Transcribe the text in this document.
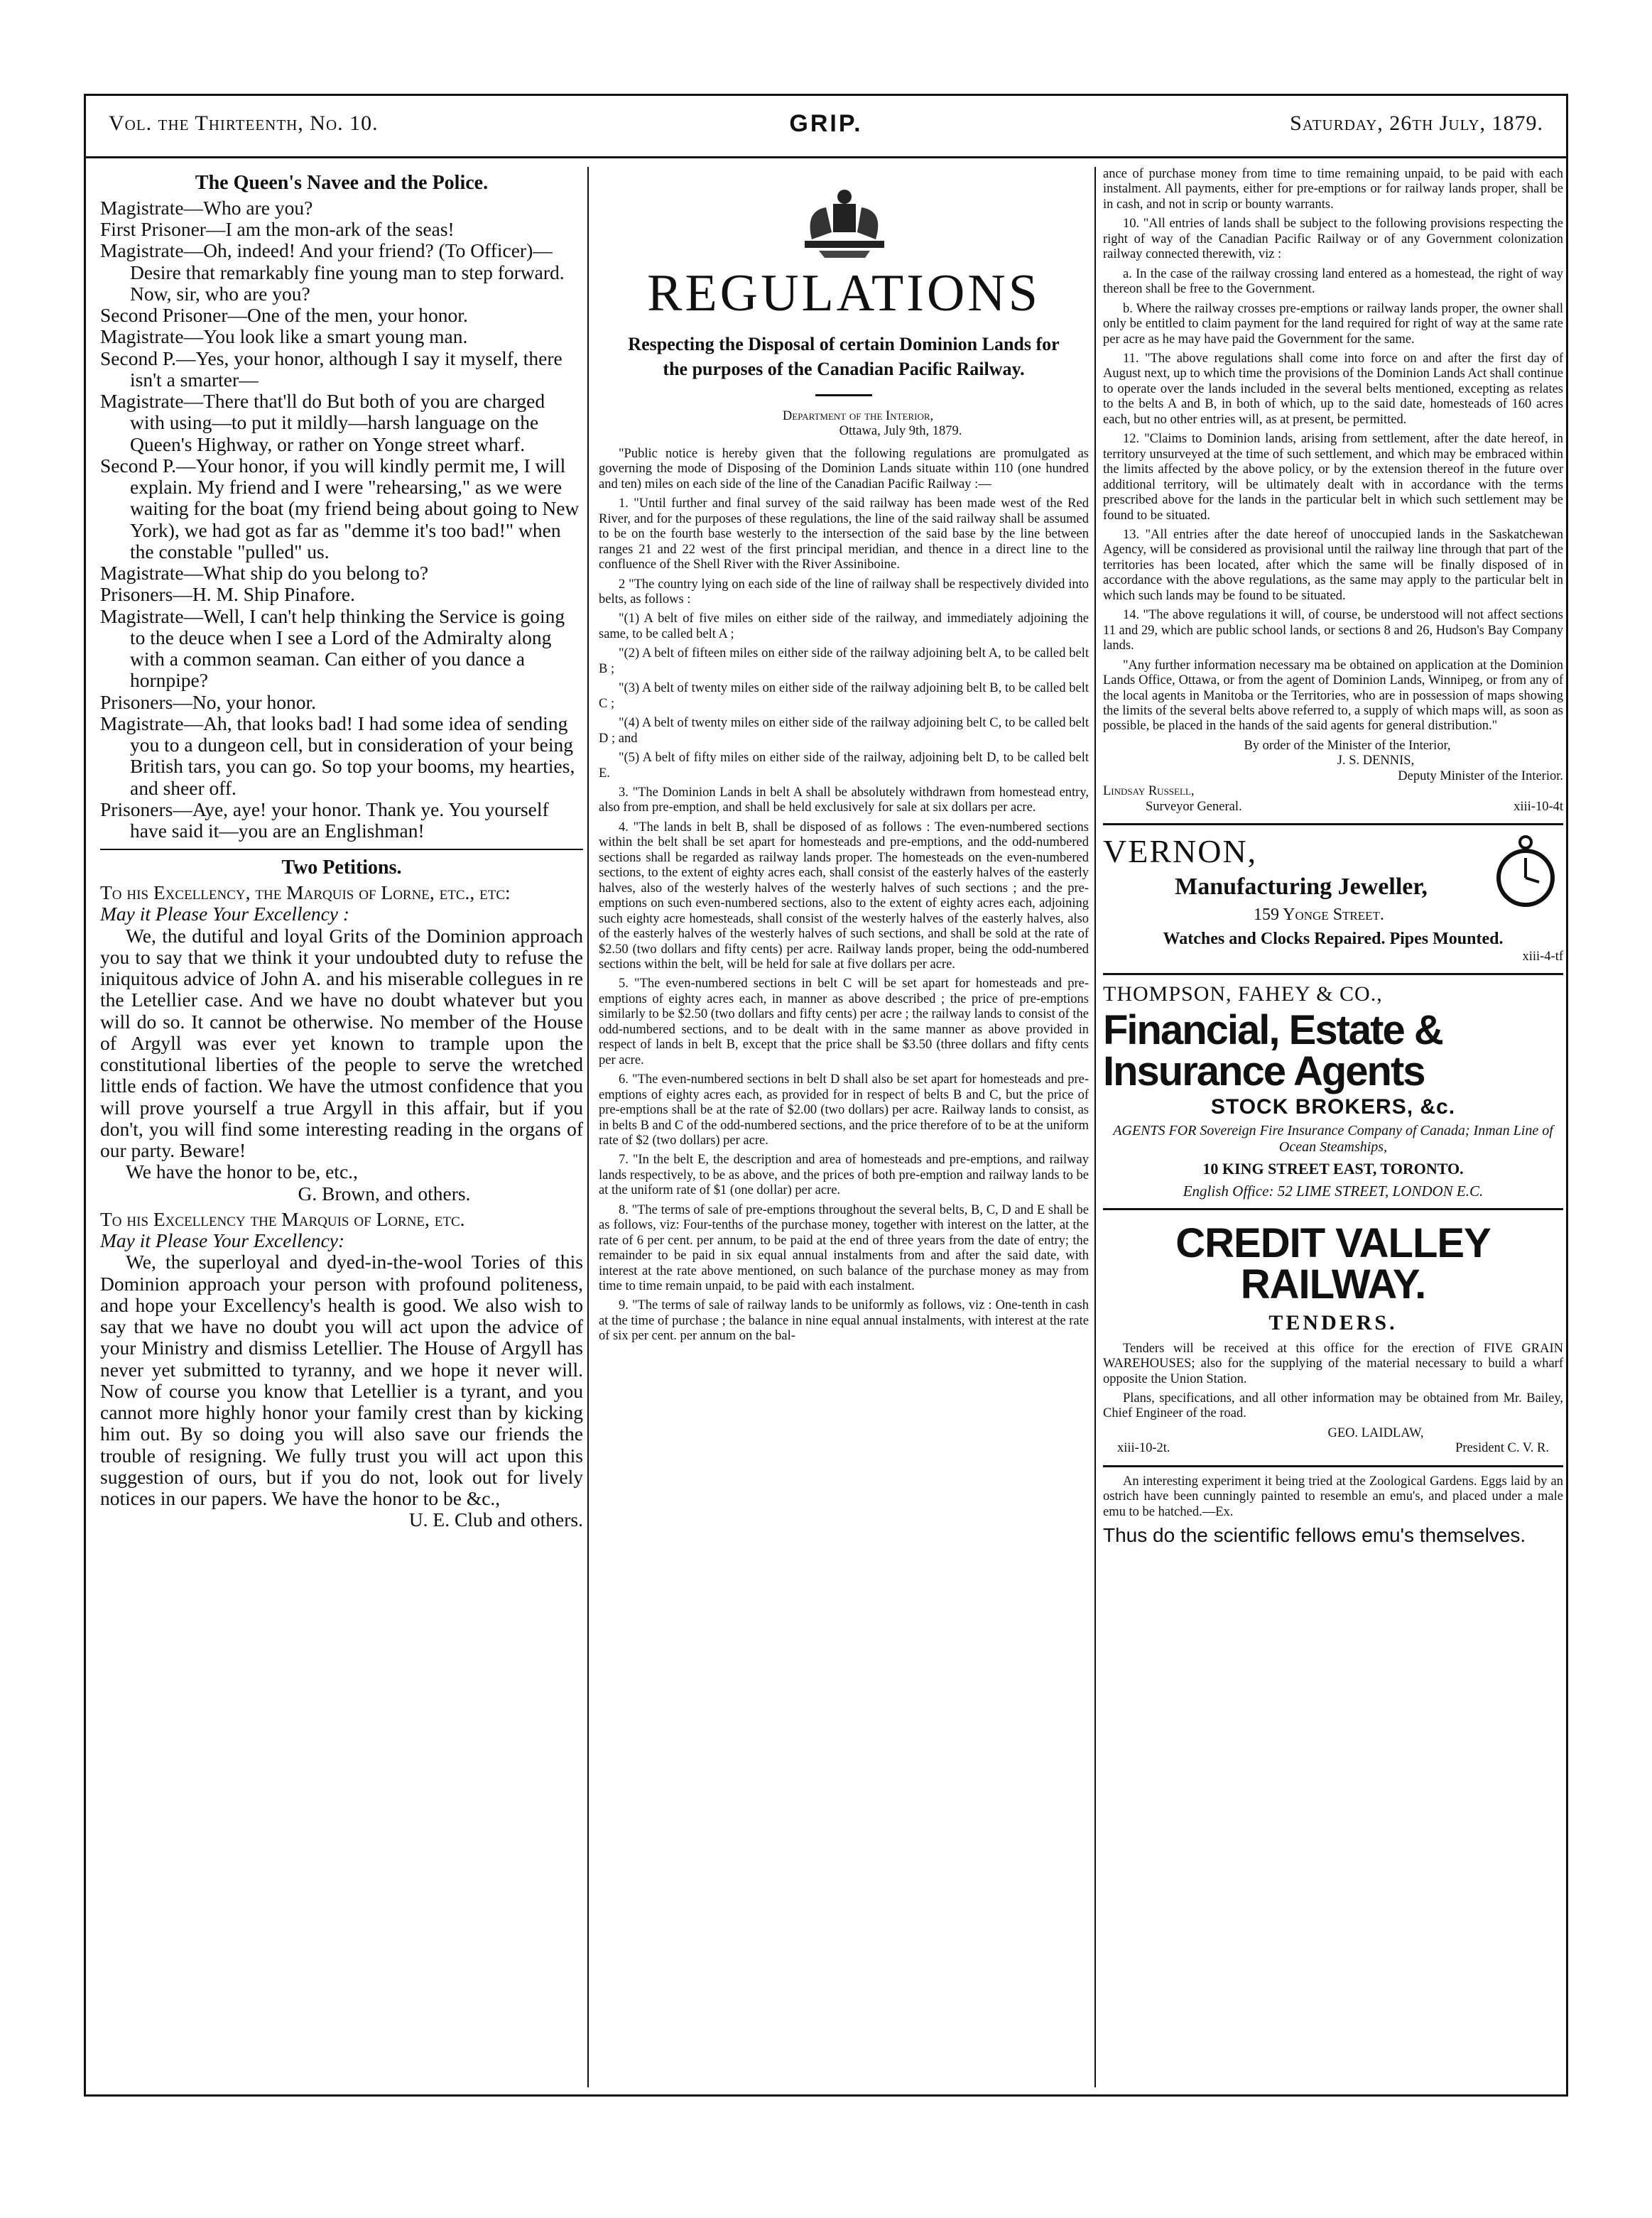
GRIP.
Vol. the Thirteenth, No. 10.	Saturday, 26th July, 1879.
The Queen's Navee and the Police.

Magistrate—Who are you?

First Prisoner—I am the mon-ark of the seas!

Magistrate—Oh, indeed! And your friend? (To Officer)—Desire that remarkably fine young man to step forward. Now, sir, who are you?

Second Prisoner—One of the men, your honor.

Magistrate—You look like a smart young man.

Second P.—Yes, your honor, although I say it myself, there isn't a smarter—

Magistrate—There that'll do But both of you are charged with using—to put it mildly—harsh language on the Queen's Highway, or rather on Yonge street wharf.

Second P.—Your honor, if you will kindly permit me, I will explain. My friend and I were "rehearsing," as we were waiting for the boat (my friend being about going to New York), we had got as far as "demme it's too bad!" when the constable "pulled" us.

Magistrate—What ship do you belong to?

Prisoners—H. M. Ship Pinafore.

Magistrate—Well, I can't help thinking the Service is going to the deuce when I see a Lord of the Admiralty along with a common seaman. Can either of you dance a hornpipe?

Prisoners—No, your honor.

Magistrate—Ah, that looks bad! I had some idea of sending you to a dungeon cell, but in consideration of your being British tars, you can go. So top your booms, my hearties, and sheer off.

Prisoners—Aye, aye! your honor. Thank ye. You yourself have said it—you are an Englishman!

Two Petitions.

To his Excellency, the Marquis of Lorne, etc., etc:

May it Please Your Excellency :

We, the dutiful and loyal Grits of the Dominion approach you to say that we think it your undoubted duty to refuse the iniquitous advice of John A. and his miserable collegues in re the Letellier case. And we have no doubt whatever but you will do so. It cannot be otherwise. No member of the House of Argyll was ever yet known to trample upon the constitutional liberties of the people to serve the wretched little ends of faction. We have the utmost confidence that you will prove yourself a true Argyll in this affair, but if you don't, you will find some interesting reading in the organs of our party. Beware!

We have the honor to be, etc.,

G. Brown, and others.

To his Excellency the Marquis of Lorne, etc.

May it Please Your Excellency:

We, the superloyal and dyed-in-the-wool Tories of this Dominion approach your person with profound politeness, and hope your Excellency's health is good. We also wish to say that we have no doubt you will act upon the advice of your Ministry and dismiss Letellier. The House of Argyll has never yet submitted to tyranny, and we hope it never will. Now of course you know that Letellier is a tyrant, and you cannot more highly honor your family crest than by kicking him out. By so doing you will also save our friends the trouble of resigning. We fully trust you will act upon this suggestion of ours, but if you do not, look out for lively notices in our papers. We have the honor to be &c.,

U. E. Club and others.

REGULATIONS
Respecting the Disposal of certain Dominion Lands for the purposes of the Canadian Pacific Railway.

Department of the Interior,

Ottawa, July 9th, 1879.

"Public notice is hereby given that the following regulations are promulgated as governing the mode of Disposing of the Dominion Lands situate within 110 (one hundred and ten) miles on each side of the line of the Canadian Pacific Railway :—

1. "Until further and final survey of the said railway has been made west of the Red River, and for the purposes of these regulations, the line of the said railway shall be assumed to be on the fourth base westerly to the intersection of the said base by the line between ranges 21 and 22 west of the first principal meridian, and thence in a direct line to the confluence of the Shell River with the River Assiniboine.

2 "The country lying on each side of the line of railway shall be respectively divided into belts, as follows :

"(1) A belt of five miles on either side of the railway, and immediately adjoining the same, to be called belt A ;

"(2) A belt of fifteen miles on either side of the railway adjoining belt A, to be called belt B ;

"(3) A belt of twenty miles on either side of the railway adjoining belt B, to be called belt C ;

"(4) A belt of twenty miles on either side of the railway adjoining belt C, to be called belt D ; and

"(5) A belt of fifty miles on either side of the railway, adjoining belt D, to be called belt E.

3. "The Dominion Lands in belt A shall be absolutely withdrawn from homestead entry, also from pre-emption, and shall be held exclusively for sale at six dollars per acre.

4. "The lands in belt B, shall be disposed of as follows : The even-numbered sections within the belt shall be set apart for homesteads and pre-emptions, and the odd-numbered sections shall be regarded as railway lands proper. The homesteads on the even-numbered sections, to the extent of eighty acres each, shall consist of the easterly halves of the easterly halves, also of the westerly halves of the westerly halves of such sections ; and the pre-emptions on such even-numbered sections, also to the extent of eighty acres each, adjoining such eighty acre homesteads, shall consist of the westerly halves of the easterly halves, also of the easterly halves of the westerly halves of such sections, and shall be sold at the rate of $2.50 (two dollars and fifty cents) per acre. Railway lands proper, being the odd-numbered sections within the belt, will be held for sale at five dollars per acre.

5. "The even-numbered sections in belt C will be set apart for homesteads and pre-emptions of eighty acres each, in manner as above described ; the price of pre-emptions similarly to be $2.50 (two dollars and fifty cents) per acre ; the railway lands to consist of the odd-numbered sections, and to be dealt with in the same manner as above provided in respect of lands in belt B, except that the price shall be $3.50 (three dollars and fifty cents per acre.

6. "The even-numbered sections in belt D shall also be set apart for homesteads and pre-emptions of eighty acres each, as provided for in respect of belts B and C, but the price of pre-emptions shall be at the rate of $2.00 (two dollars) per acre. Railway lands to consist, as in belts B and C of the odd-numbered sections, and the price therefore of to be at the uniform rate of $2 (two dollars) per acre.

7. "In the belt E, the description and area of homesteads and pre-emptions, and railway lands respectively, to be as above, and the prices of both pre-emption and railway lands to be at the uniform rate of $1 (one dollar) per acre.

8. "The terms of sale of pre-emptions throughout the several belts, B, C, D and E shall be as follows, viz: Four-tenths of the purchase money, together with interest on the latter, at the rate of 6 per cent. per annum, to be paid at the end of three years from the date of entry; the remainder to be paid in six equal annual instalments from and after the said date, with interest at the rate above mentioned, on such balance of the purchase money as may from time to time remain unpaid, to be paid with each instalment.

9. "The terms of sale of railway lands to be uniformly as follows, viz : One-tenth in cash at the time of purchase ; the balance in nine equal annual instalments, with interest at the rate of six per cent. per annum on the bal-

ance of purchase money from time to time remaining unpaid, to be paid with each instalment. All payments, either for pre-emptions or for railway lands proper, shall be in cash, and not in scrip or bounty warrants.

10. "All entries of lands shall be subject to the following provisions respecting the right of way of the Canadian Pacific Railway or of any Government colonization railway connected therewith, viz :

a. In the case of the railway crossing land entered as a homestead, the right of way thereon shall be free to the Government.

b. Where the railway crosses pre-emptions or railway lands proper, the owner shall only be entitled to claim payment for the land required for right of way at the same rate per acre as he may have paid the Government for the same.

11. "The above regulations shall come into force on and after the first day of August next, up to which time the provisions of the Dominion Lands Act shall continue to operate over the lands included in the several belts mentioned, excepting as relates to the belts A and B, in both of which, up to the said date, homesteads of 160 acres each, but no other entries will, as at present, be permitted.

12. "Claims to Dominion lands, arising from settlement, after the date hereof, in territory unsurveyed at the time of such settlement, and which may be embraced within the limits affected by the above policy, or by the extension thereof in the future over additional territory, will be ultimately dealt with in accordance with the terms prescribed above for the lands in the particular belt in which such settlement may be found to be situated.

13. "All entries after the date hereof of unoccupied lands in the Saskatchewan Agency, will be considered as provisional until the railway line through that part of the territories has been located, after which the same will be finally disposed of in accordance with the above regulations, as the same may apply to the particular belt in which such lands may be found to be situated.

14. "The above regulations it will, of course, be understood will not affect sections 11 and 29, which are public school lands, or sections 8 and 26, Hudson's Bay Company lands.

"Any further information necessary ma be obtained on application at the Dominion Lands Office, Ottawa, or from the agent of Dominion Lands, Winnipeg, or from any of the local agents in Manitoba or the Territories, who are in possession of maps showing the limits of the several belts above referred to, a supply of which maps will, as soon as possible, be placed in the hands of the said agents for general distribution."

By order of the Minister of the Interior,

J. S. DENNIS,

Deputy Minister of the Interior.

Lindsay Russell,

Surveyor General.	xiii-10-4t

VERNON,

Manufacturing Jeweller,

159 Yonge Street.

Watches and Clocks Repaired. Pipes Mounted.

xiii-4-tf

THOMPSON, FAHEY & CO.,

Financial, Estate & Insurance Agents

STOCK BROKERS, &c.

AGENTS FOR Sovereign Fire Insurance Company of Canada; Inman Line of Ocean Steamships,

10 KING STREET EAST, TORONTO.

English Office: 52 LIME STREET, LONDON E.C.

CREDIT VALLEY RAILWAY.

TENDERS.

Tenders will be received at this office for the erection of FIVE GRAIN WAREHOUSES; also for the supplying of the material necessary to build a wharf opposite the Union Station.

Plans, specifications, and all other information may be obtained from Mr. Bailey, Chief Engineer of the road.

GEO. LAIDLAW,

xiii-10-2t.	President C. V. R.

An interesting experiment it being tried at the Zoological Gardens. Eggs laid by an ostrich have been cunningly painted to resemble an emu's, and placed under a male emu to be hatched.—Ex.

Thus do the scientific fellows emu's themselves.
